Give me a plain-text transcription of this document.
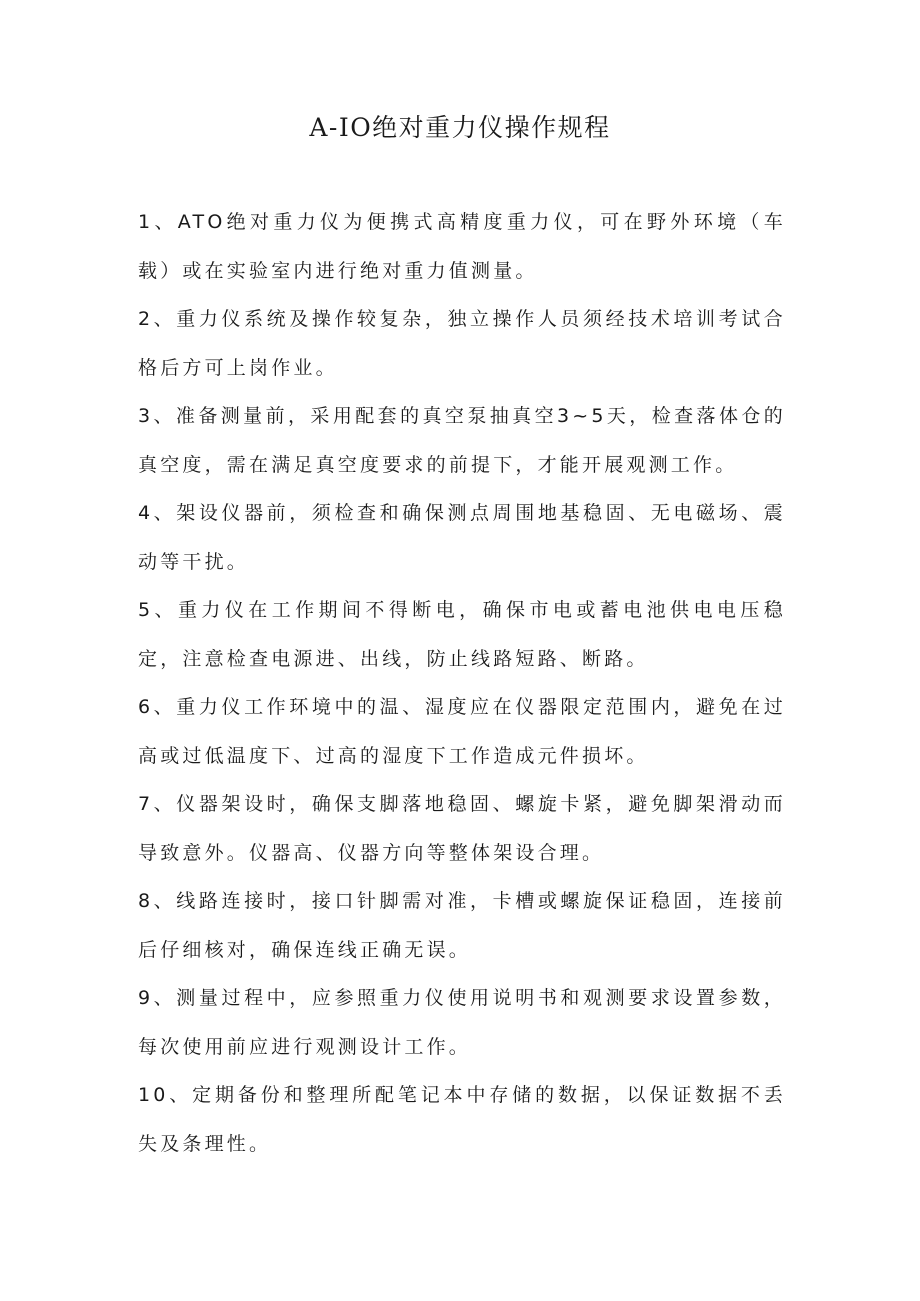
A-IO绝对重力仪操作规程
1、ATO绝对重力仪为便携式高精度重力仪，可在野外环境（车载）或在实验室内进行绝对重力值测量。
2、重力仪系统及操作较复杂，独立操作人员须经技术培训考试合格后方可上岗作业。
3、准备测量前，采用配套的真空泵抽真空3~5天，检查落体仓的真空度，需在满足真空度要求的前提下，才能开展观测工作。
4、架设仪器前，须检查和确保测点周围地基稳固、无电磁场、震动等干扰。
5、重力仪在工作期间不得断电，确保市电或蓄电池供电电压稳定，注意检查电源进、出线，防止线路短路、断路。
6、重力仪工作环境中的温、湿度应在仪器限定范围内，避免在过高或过低温度下、过高的湿度下工作造成元件损坏。
7、仪器架设时，确保支脚落地稳固、螺旋卡紧，避免脚架滑动而导致意外。仪器高、仪器方向等整体架设合理。
8、线路连接时，接口针脚需对准，卡槽或螺旋保证稳固，连接前后仔细核对，确保连线正确无误。
9、测量过程中，应参照重力仪使用说明书和观测要求设置参数，每次使用前应进行观测设计工作。
10、定期备份和整理所配笔记本中存储的数据，以保证数据不丢失及条理性。
